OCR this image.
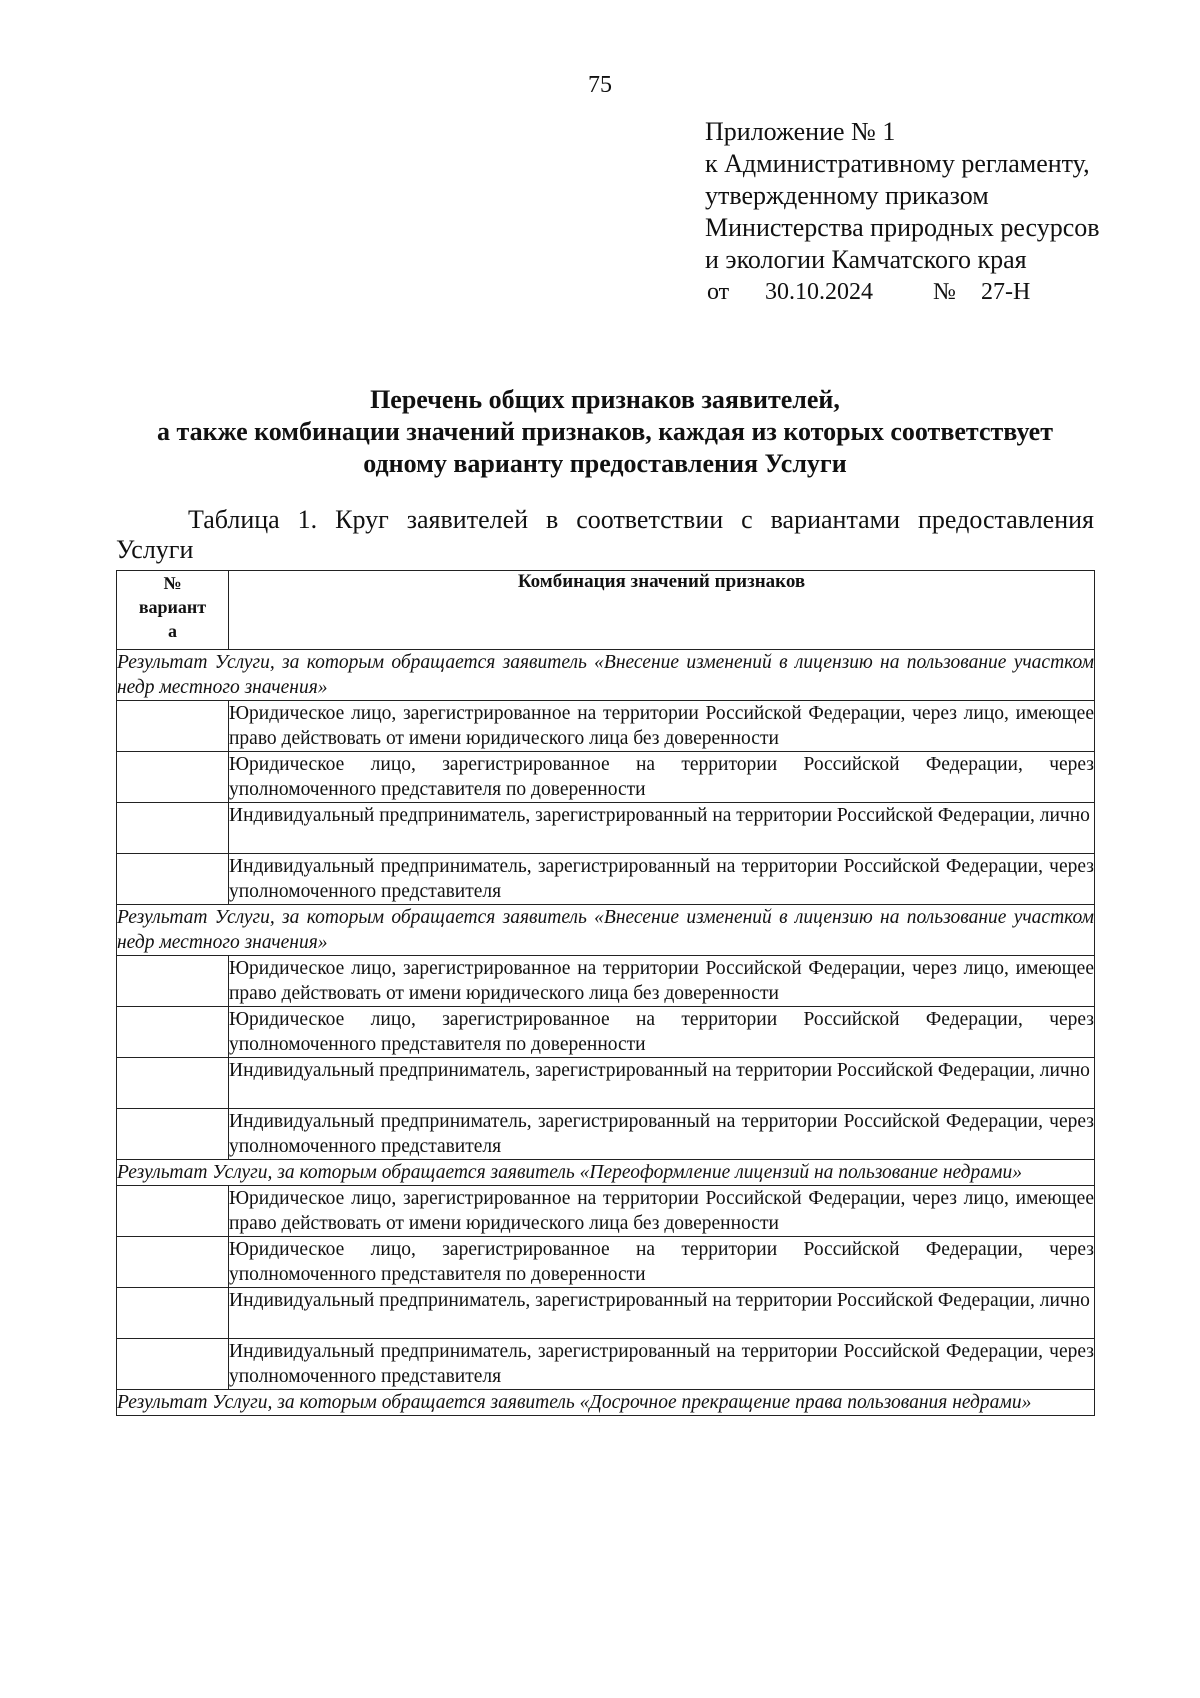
75
Приложение № 1
к Административному регламенту,
утвержденному приказом
Министерства природных ресурсов
и экологии Камчатского края
от 30.10.2024	№ 27-Н
Перечень общих признаков заявителей,
а также комбинации значений признаков, каждая из которых соответствует
одному варианту предоставления Услуги
Таблица 1. Круг заявителей в соответствии с вариантами предоставления
Услуги
№
вариант
а	Комбинация значений признаков
Результат Услуги, за которым обращается заявитель «Внесение изменений в лицензию на пользование участком недр местного значения»	
	Юридическое лицо, зарегистрированное на территории Российской Федерации, через лицо, имеющее право действовать от имени юридического лица без доверенности
	Юридическое лицо, зарегистрированное на территории Российской Федерации, через уполномоченного представителя по доверенности
	Индивидуальный предприниматель, зарегистрированный на территории Российской Федерации, лично
	Индивидуальный предприниматель, зарегистрированный на территории Российской Федерации, через уполномоченного представителя
Результат Услуги, за которым обращается заявитель «Внесение изменений в лицензию на пользование участком недр местного значения»	
	Юридическое лицо, зарегистрированное на территории Российской Федерации, через лицо, имеющее право действовать от имени юридического лица без доверенности
	Юридическое лицо, зарегистрированное на территории Российской Федерации, через уполномоченного представителя по доверенности
	Индивидуальный предприниматель, зарегистрированный на территории Российской Федерации, лично
	Индивидуальный предприниматель, зарегистрированный на территории Российской Федерации, через уполномоченного представителя
Результат Услуги, за которым обращается заявитель «Переоформление лицензий на пользование недрами»	
	Юридическое лицо, зарегистрированное на территории Российской Федерации, через лицо, имеющее право действовать от имени юридического лица без доверенности
	Юридическое лицо, зарегистрированное на территории Российской Федерации, через уполномоченного представителя по доверенности
	Индивидуальный предприниматель, зарегистрированный на территории Российской Федерации, лично
	Индивидуальный предприниматель, зарегистрированный на территории Российской Федерации, через уполномоченного представителя
Результат Услуги, за которым обращается заявитель «Досрочное прекращение права пользования недрами»	
